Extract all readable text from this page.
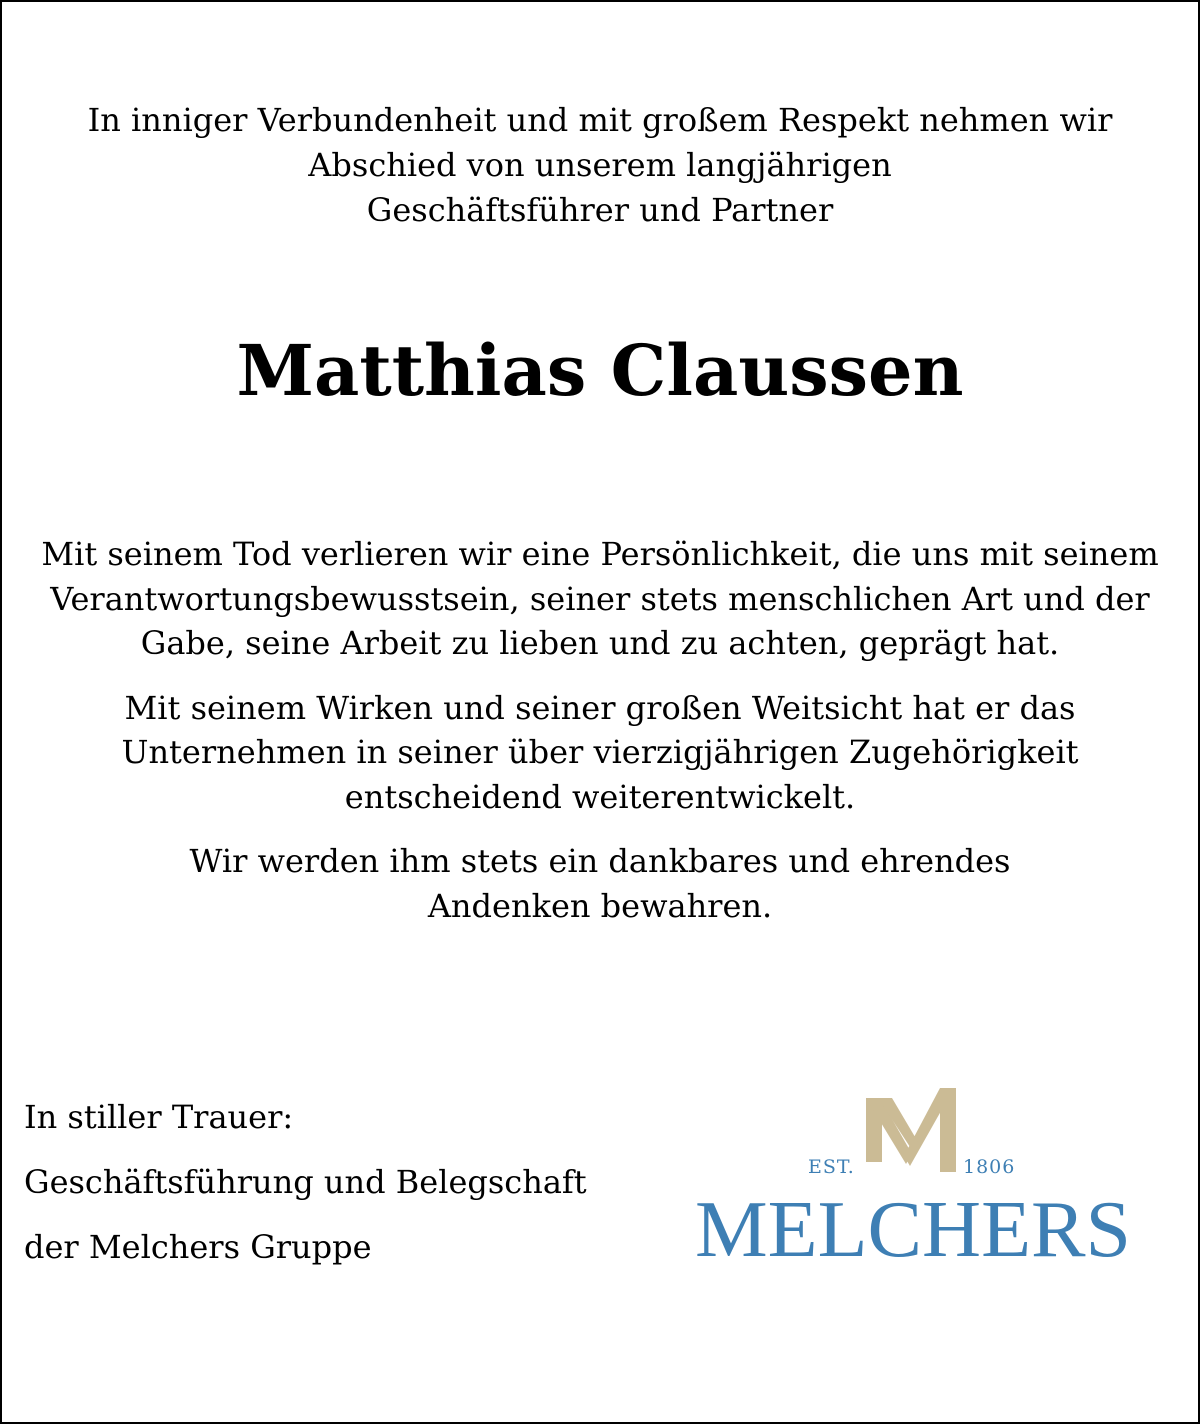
In inniger Verbundenheit und mit großem Respekt nehmen wir
Abschied von unserem langjährigen
Geschäftsführer und Partner
Matthias Claussen

Mit seinem Tod verlieren wir eine Persönlichkeit, die uns mit seinem
Verantwortungsbewusstsein, seiner stets menschlichen Art und der
Gabe, seine Arbeit zu lieben und zu achten, geprägt hat.

Mit seinem Wirken und seiner großen Weitsicht hat er das
Unternehmen in seiner über vierzigjährigen Zugehörigkeit
entscheidend weiterentwickelt.

Wir werden ihm stets ein dankbares und ehrendes
Andenken bewahren.

In stiller Trauer:
Geschäftsführung und Belegschaft
der Melchers Gruppe
EST.	1806
MELCHERS
